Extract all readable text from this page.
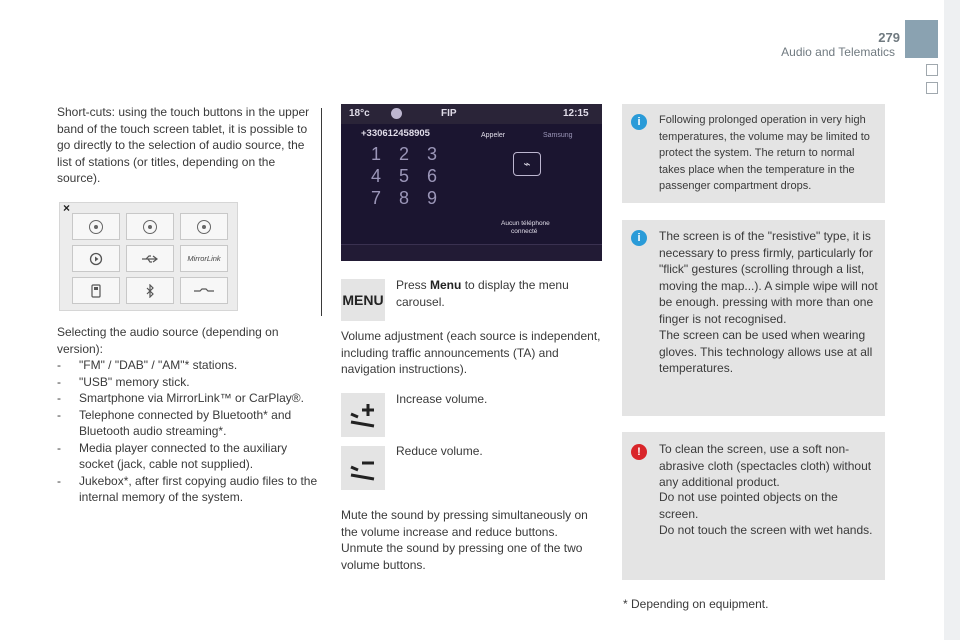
279
Audio and Telematics
Short-cuts: using the touch buttons in the upper band of the touch screen tablet, it is possible to go directly to the selection of audio source, the list of stations (or titles, depending on the source).
×
MirrorLink
Selecting the audio source (depending on version):
-	"FM" / "DAB" / "AM"* stations.
-	"USB" memory stick.
-	Smartphone via MirrorLink™ or CarPlay®.
-	Telephone connected by Bluetooth* and Bluetooth audio streaming*.
-	Media player connected to the auxiliary socket (jack, cable not supplied).
-	Jukebox*, after first copying audio files to the internal memory of the system.
18°c	FIP	12:15
+330612458905
1 2 3
4 5 6
7 8 9
Appeler	Samsung
⌁
Aucun téléphone
connecté
MENU
Press Menu to display the menu carousel.
Volume adjustment (each source is independent, including traffic announcements (TA) and navigation instructions).
Increase volume.
Reduce volume.
Mute the sound by pressing simultaneously on the volume increase and reduce buttons.
Unmute the sound by pressing one of the two volume buttons.
i	Following prolonged operation in very high temperatures, the volume may be limited to protect the system. The return to normal takes place when the temperature in the passenger compartment drops.
i	The screen is of the "resistive" type, it is necessary to press firmly, particularly for "flick" gestures (scrolling through a list, moving the map...). A simple wipe will not be enough. pressing with more than one finger is not recognised.
The screen can be used when wearing gloves. This technology allows use at all temperatures.
!	To clean the screen, use a soft non-abrasive cloth (spectacles cloth) without any additional product.
Do not use pointed objects on the screen.
Do not touch the screen with wet hands.
* Depending on equipment.
